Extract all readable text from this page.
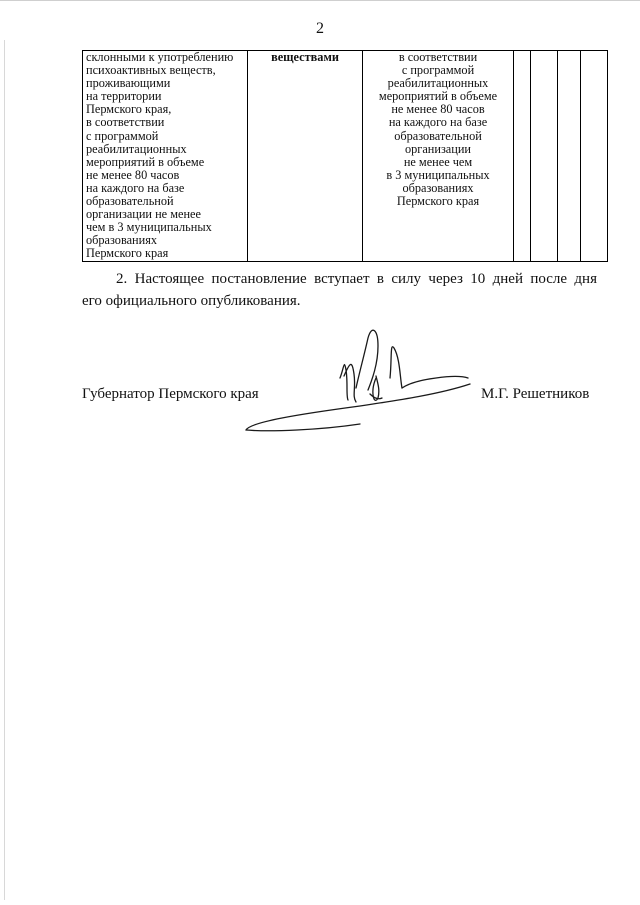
2
склонными к употреблению
психоактивных веществ,
проживающими
на территории
Пермского края,
в соответствии
с программой
реабилитационных
мероприятий в объеме
не менее 80 часов
на каждого на базе
образовательной
организации не менее
чем в 3 муниципальных
образованиях
Пермского края

веществами	в соответствии
с программой
реабилитационных
мероприятий в объеме
не менее 80 часов
на каждого на базе
образовательной
организации
не менее чем
в 3 муниципальных
образованиях
Пермского края

2. Настоящее постановление вступает в силу через 10 дней после дня
его официального опубликования.
Губернатор Пермского края	М.Г. Решетников
